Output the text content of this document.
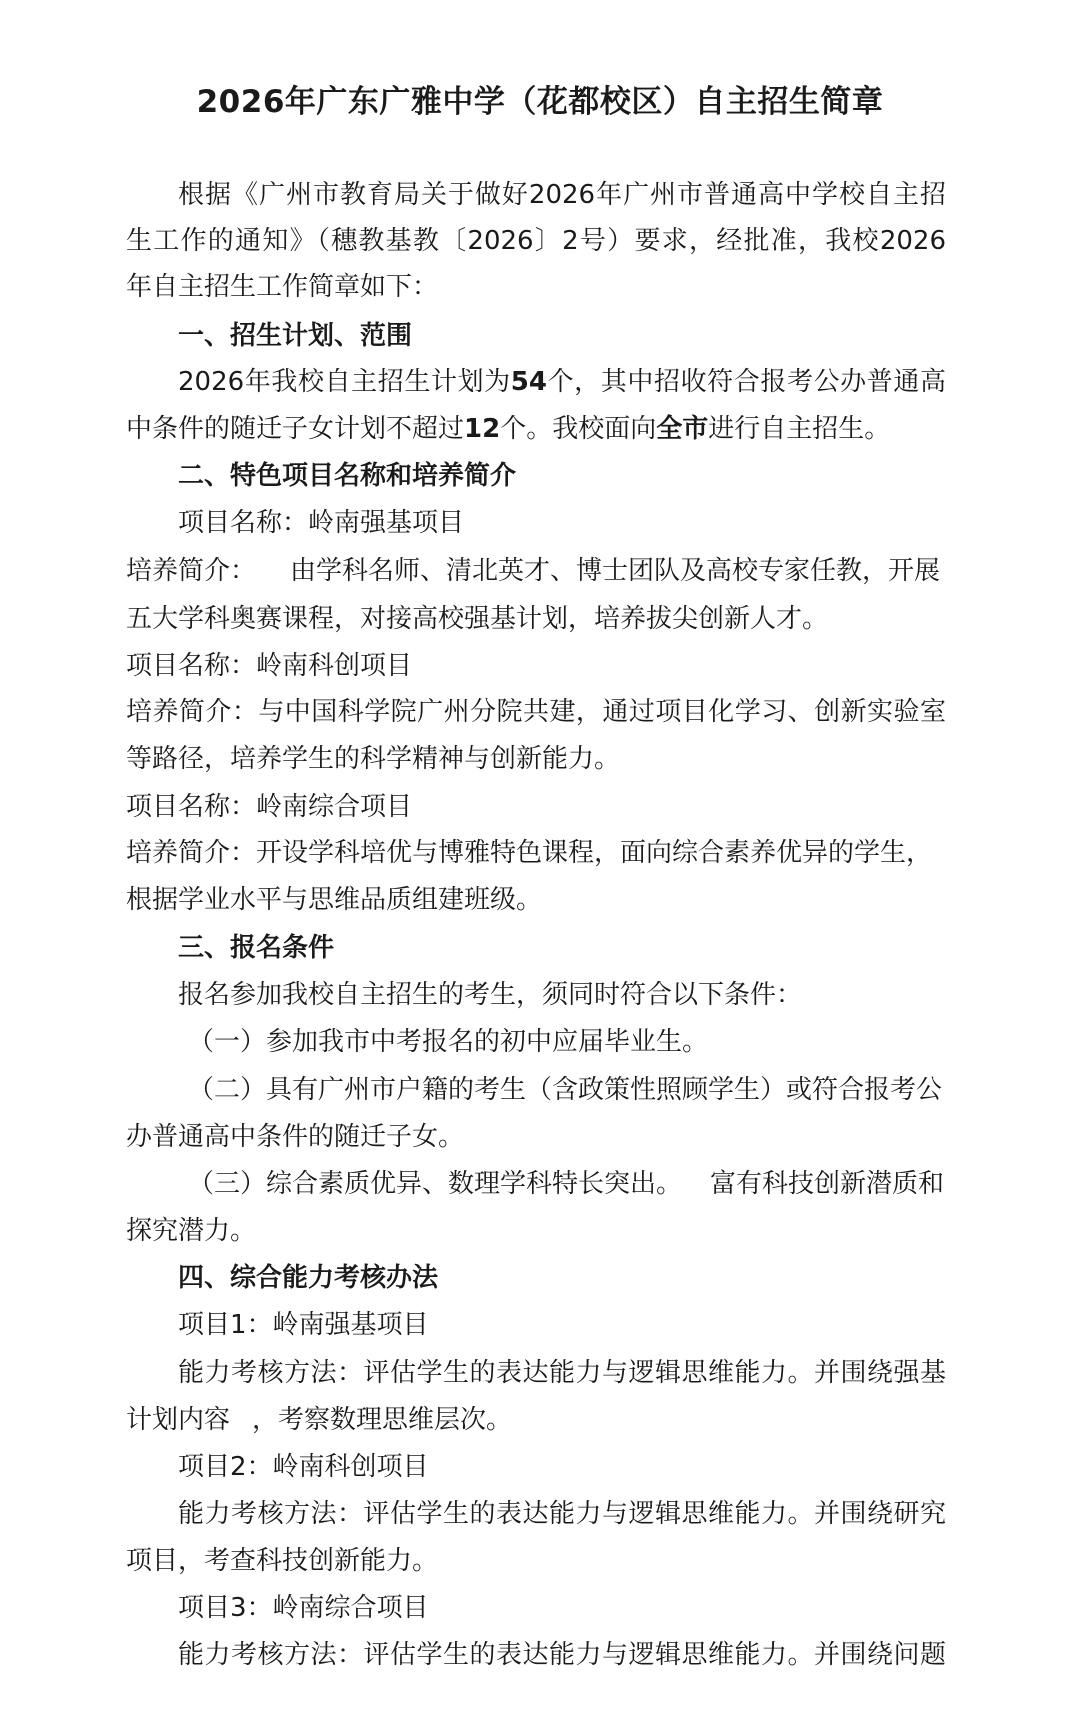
2026年广东广雅中学（花都校区）自主招生简章

根据《广州市教育局关于做好2026年广州市普通高中学校自主招

生工作的通知》（穗教基教〔2026〕2号）要求，经批准，我校2026

年自主招生工作简章如下：

一、招生计划、范围

2026年我校自主招生计划为54个，其中招收符合报考公办普通高

中条件的随迁子女计划不超过12个。我校面向全市进行自主招生。

二、特色项目名称和培养简介

项目名称：岭南强基项目

培养简介： 由学科名师、清北英才、博士团队及高校专家任教，开展

五大学科奥赛课程，对接高校强基计划，培养拔尖创新人才。

项目名称：岭南科创项目

培养简介：与中国科学院广州分院共建，通过项目化学习、创新实验室

等路径，培养学生的科学精神与创新能力。

项目名称：岭南综合项目

培养简介：开设学科培优与博雅特色课程，面向综合素养优异的学生，

根据学业水平与思维品质组建班级。

三、报名条件

报名参加我校自主招生的考生，须同时符合以下条件：

（一）参加我市中考报名的初中应届毕业生。

（二）具有广州市户籍的考生（含政策性照顾学生）或符合报考公

办普通高中条件的随迁子女。

（三）综合素质优异、数理学科特长突出。 富有科技创新潜质和

探究潜力。

四、综合能力考核办法

项目1：岭南强基项目

能力考核方法：评估学生的表达能力与逻辑思维能力。并围绕强基

计划内容 ，考察数理思维层次。

项目2：岭南科创项目

能力考核方法：评估学生的表达能力与逻辑思维能力。并围绕研究

项目，考查科技创新能力。

项目3：岭南综合项目

能力考核方法：评估学生的表达能力与逻辑思维能力。并围绕问题
